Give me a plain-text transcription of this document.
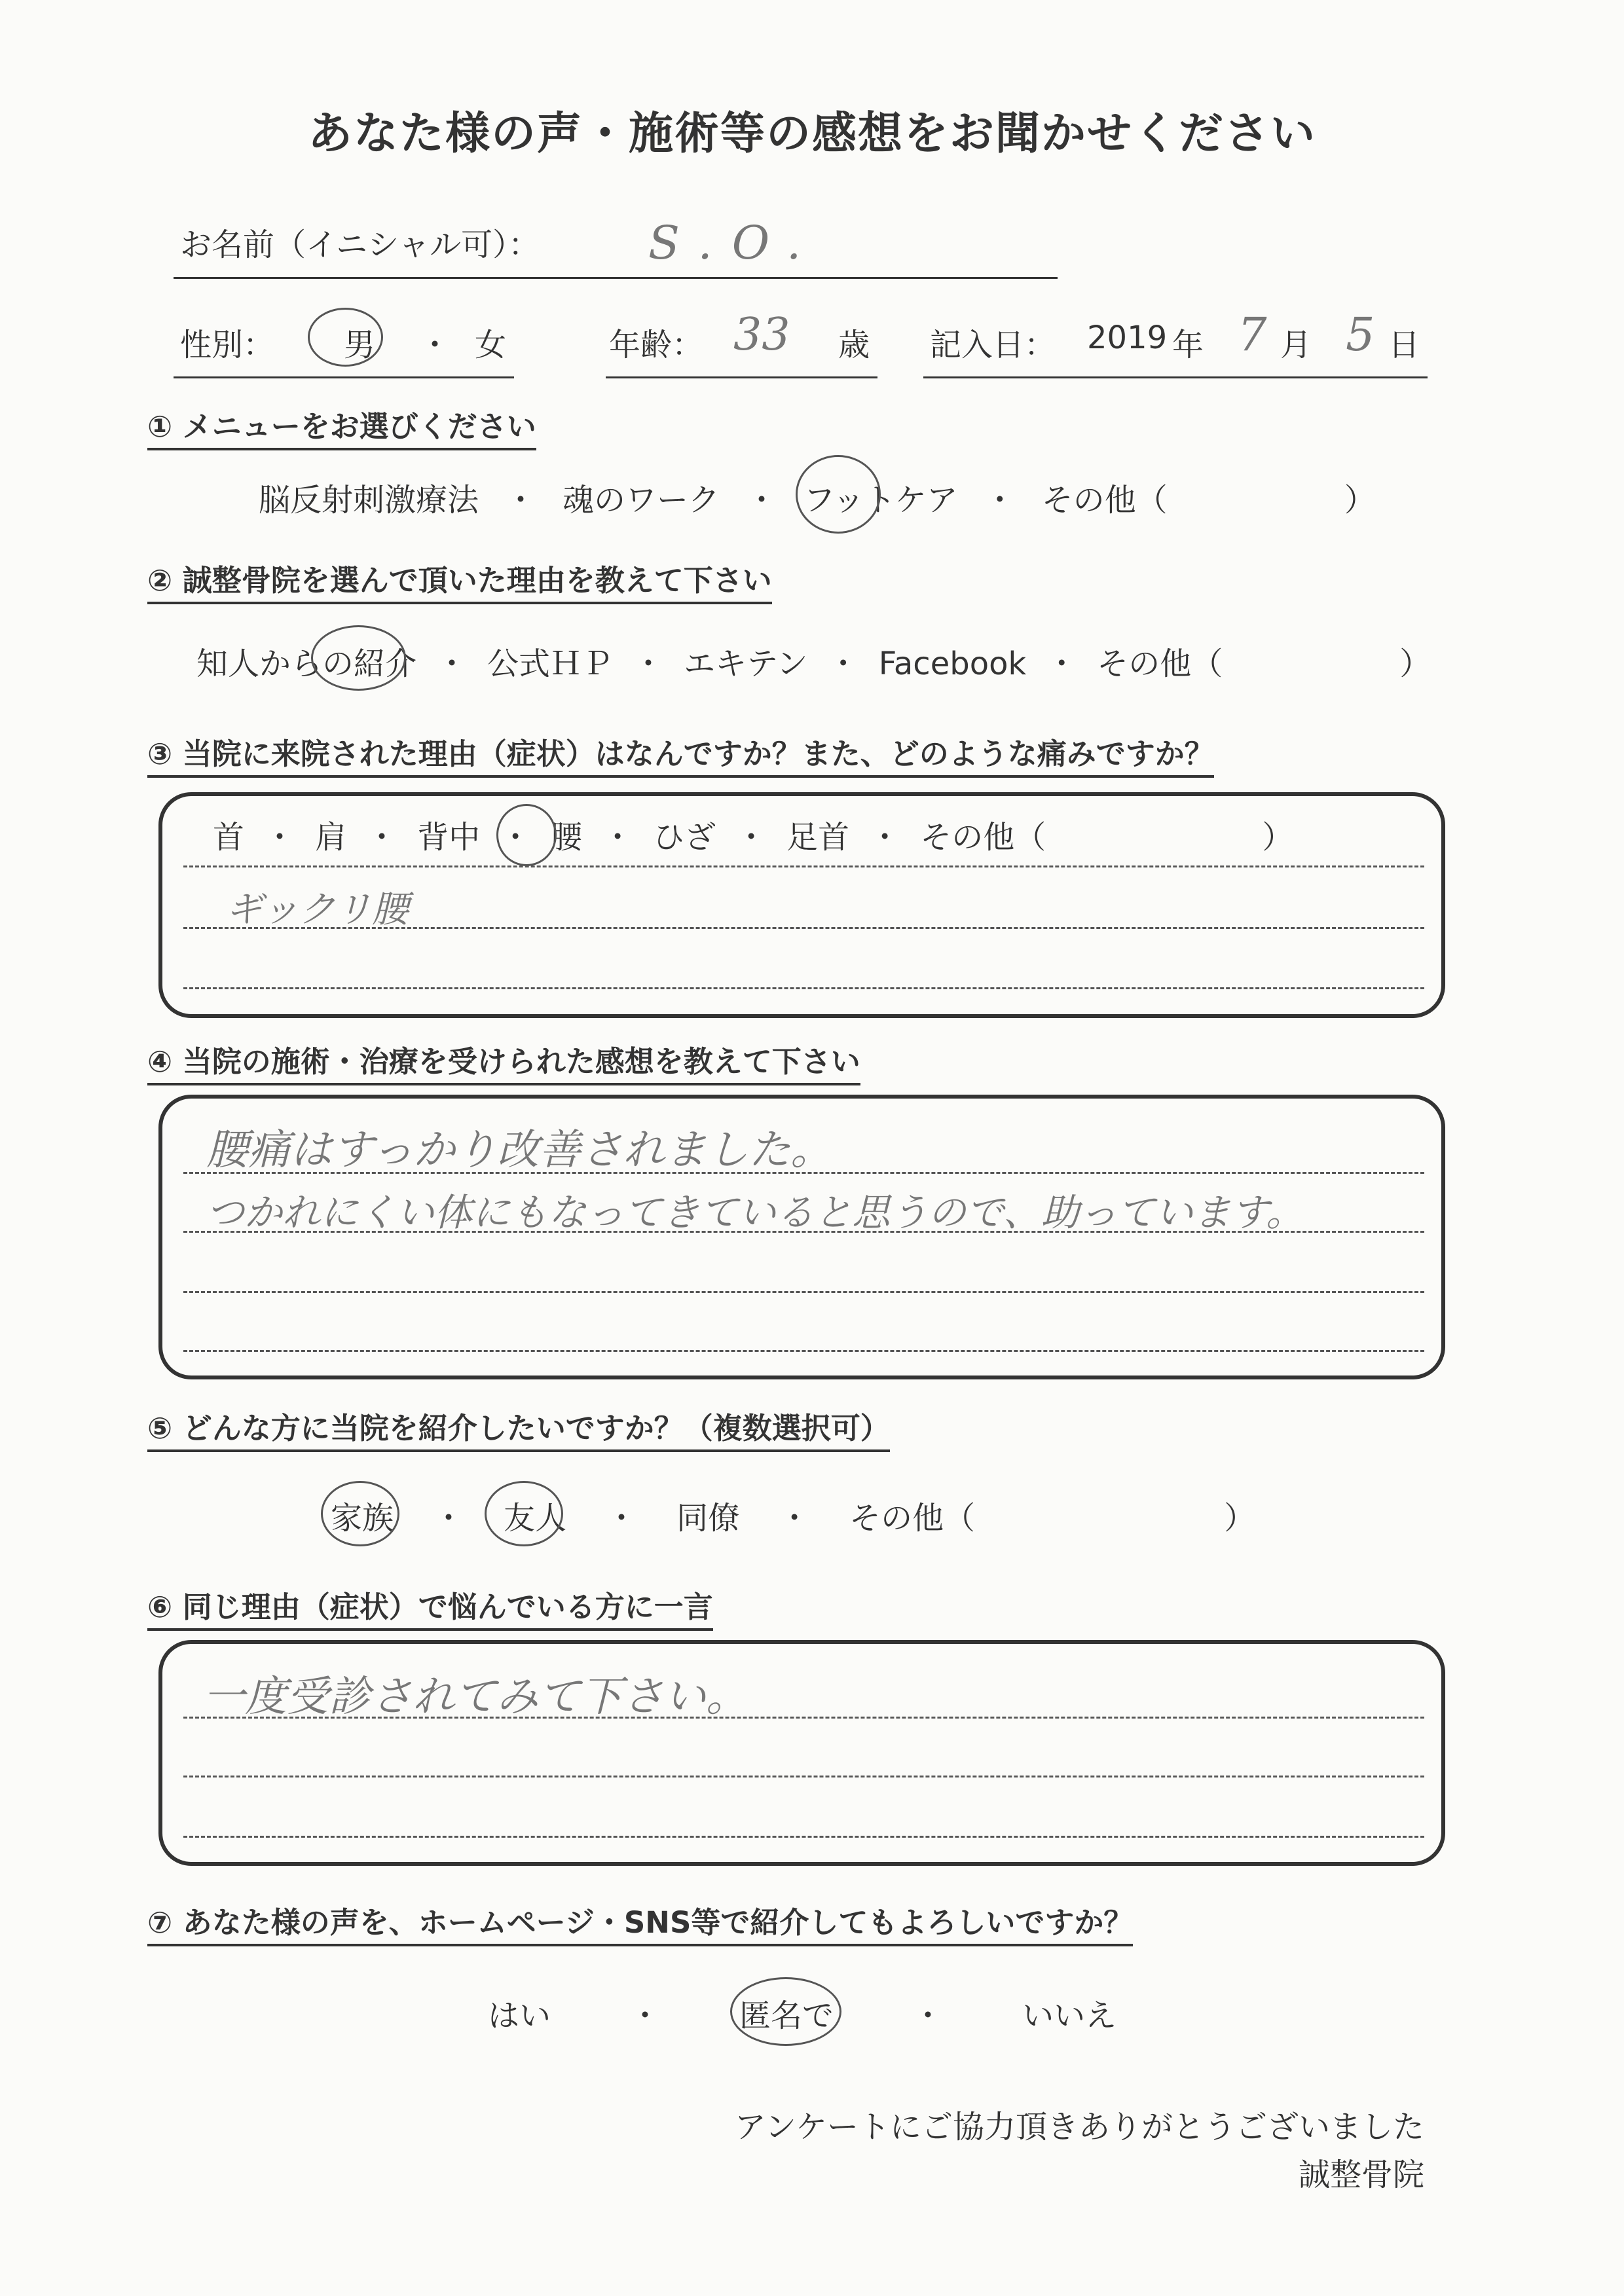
あなた様の声・施術等の感想をお聞かせください
お名前（イニシャル可）： S.O.
性別： 男 ・ 女	年齢： 33 歳 記入日： 2019 年 7 月 5 日
① メニューをお選びください
脳反射刺激療法 ・ 魂のワーク ・ フットケア ・ その他（	）
② 誠整骨院を選んで頂いた理由を教えて下さい
知人からの紹介 ・ 公式ＨＰ ・ エキテン ・ Facebook ・ その他（	）
③ 当院に来院された理由（症状）はなんですか？また、どのような痛みですか？
首 ・ 肩 ・ 背中 ・ 腰 ・ ひざ ・ 足首 ・ その他（	）
ギックリ腰
④ 当院の施術・治療を受けられた感想を教えて下さい
腰痛はすっかり改善されました。
つかれにくい体にもなってきていると思うので、助っています。
⑤ どんな方に当院を紹介したいですか？（複数選択可）
家族 ・ 友人 ・ 同僚 ・ その他（	）
⑥ 同じ理由（症状）で悩んでいる方に一言
一度受診されてみて下さい。
⑦ あなた様の声を、ホームページ・SNS等で紹介してもよろしいですか？
はい	・	匿名で	・	いいえ
アンケートにご協力頂きありがとうございました
誠整骨院
